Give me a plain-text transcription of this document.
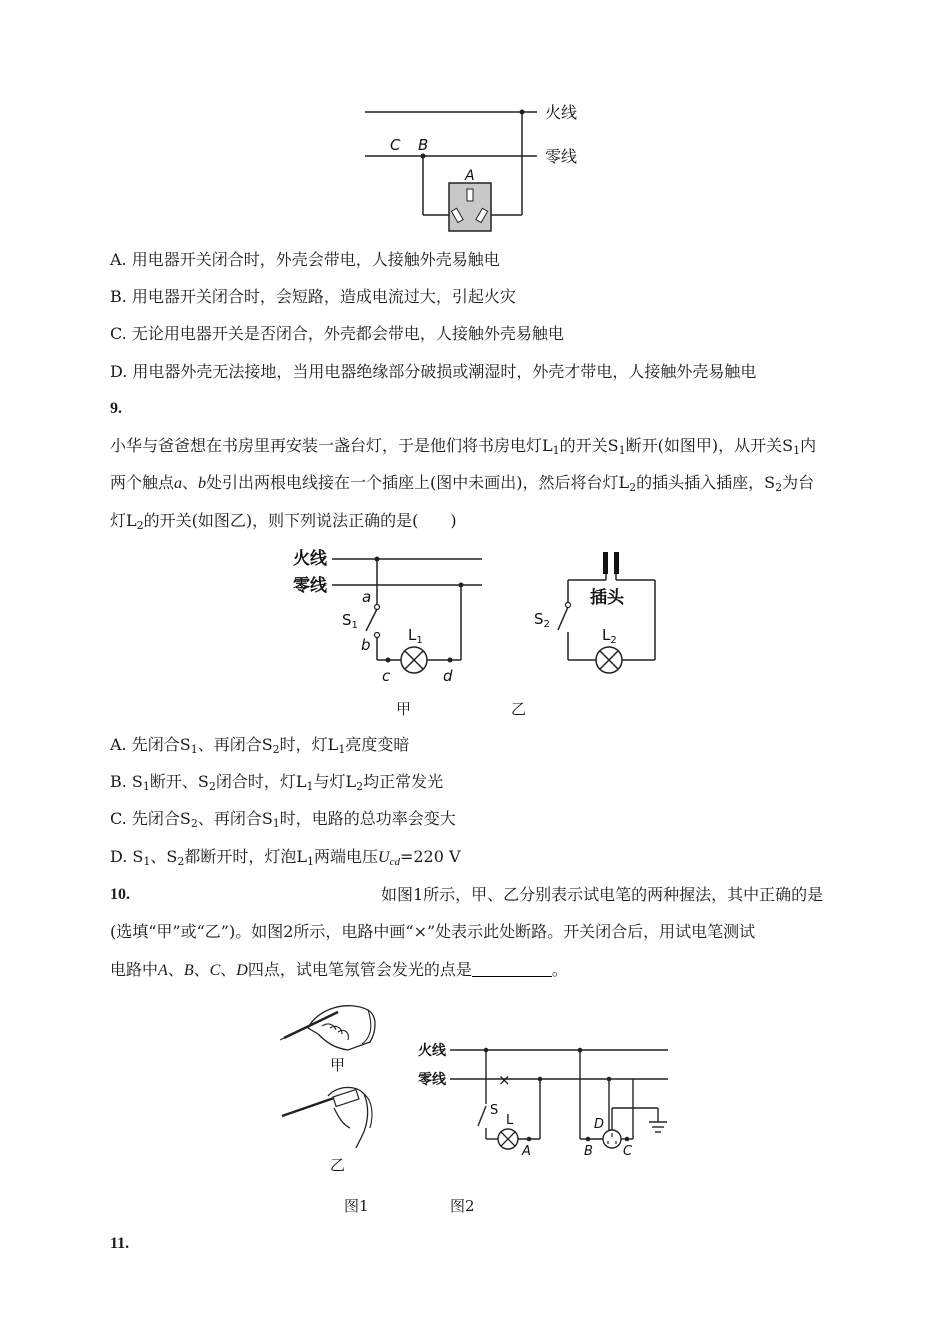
火线
零线
C B
A
A. 用电器开关闭合时，外壳会带电，人接触外壳易触电
B. 用电器开关闭合时，会短路，造成电流过大，引起火灾
C. 无论用电器开关是否闭合，外壳都会带电，人接触外壳易触电
D. 用电器外壳无法接地，当用电器绝缘部分破损或潮湿时，外壳才带电，人接触外壳易触电
9.
小华与爸爸想在书房里再安装一盏台灯，于是他们将书房电灯$L_1$的开关$S_1$断开(如图甲)，从开关$S_1$内
两个触点a、b处引出两根电线接在一个插座上(图中未画出)，然后将台灯$L_2$的插头插入插座，$S_2$为台
灯$L_2$的开关(如图乙)，则下列说法正确的是(　　)
火线
零线
a
$S_1$
b
$L_1$
c	d
插头
$S_2$
$L_2$
甲	乙
A. 先闭合$S_1$、再闭合$S_2$时，灯$L_1$亮度变暗
B. $S_1$断开、$S_2$闭合时，灯$L_1$与灯$L_2$均正常发光
C. 先闭合$S_2$、再闭合$S_1$时，电路的总功率会变大
D. $S_1$、$S_2$都断开时，灯泡$L_1$两端电压$U_{cd}=220$ V
10.	如图1所示，甲、乙分别表示试电笔的两种握法，其中正确的是
(选填“甲”或“乙”)。如图2所示，电路中画“×”处表示此处断路。开关闭合后，用试电笔测试
电路中A、B、C、D四点，试电笔氖管会发光的点是	。
甲
乙
火线
零线	×
S
L
A
D
B C
图1	图2
11.
